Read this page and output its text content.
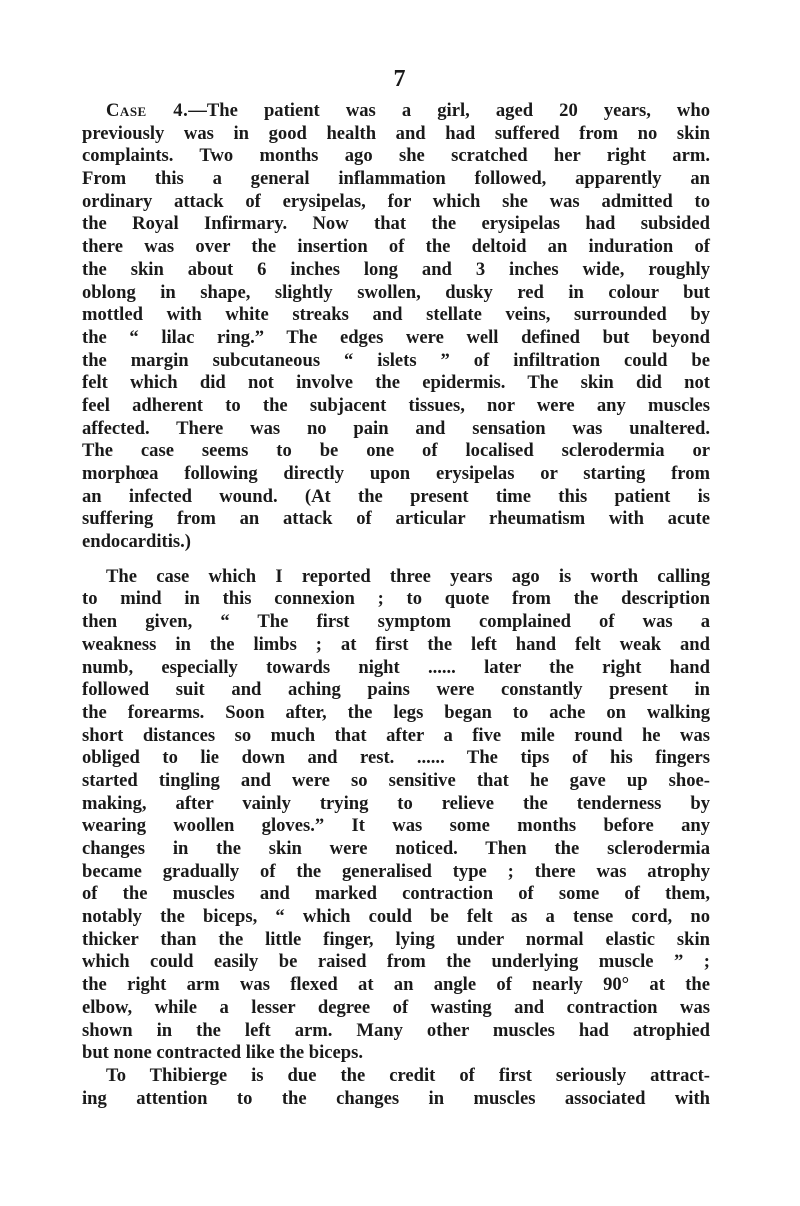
7
Case 4.—The patient was a girl, aged 20 years, who
previously was in good health and had suffered from no skin
complaints. Two months ago she scratched her right arm.
From this a general inflammation followed, apparently an
ordinary attack of erysipelas, for which she was admitted to
the Royal Infirmary. Now that the erysipelas had subsided
there was over the insertion of the deltoid an induration of
the skin about 6 inches long and 3 inches wide, roughly
oblong in shape, slightly swollen, dusky red in colour but
mottled with white streaks and stellate veins, surrounded by
the “ lilac ring.” The edges were well defined but beyond
the margin subcutaneous “ islets ” of infiltration could be
felt which did not involve the epidermis. The skin did not
feel adherent to the subjacent tissues, nor were any muscles
affected. There was no pain and sensation was unaltered.
The case seems to be one of localised sclerodermia or
morphœa following directly upon erysipelas or starting from
an infected wound. (At the present time this patient is
suffering from an attack of articular rheumatism with acute
endocarditis.)
The case which I reported three years ago is worth calling
to mind in this connexion ; to quote from the description
then given, “ The first symptom complained of was a
weakness in the limbs ; at first the left hand felt weak and
numb, especially towards night ...... later the right hand
followed suit and aching pains were constantly present in
the forearms. Soon after, the legs began to ache on walking
short distances so much that after a five mile round he was
obliged to lie down and rest. ...... The tips of his fingers
started tingling and were so sensitive that he gave up shoe-
making, after vainly trying to relieve the tenderness by
wearing woollen gloves.” It was some months before any
changes in the skin were noticed. Then the sclerodermia
became gradually of the generalised type ; there was atrophy
of the muscles and marked contraction of some of them,
notably the biceps, “ which could be felt as a tense cord, no
thicker than the little finger, lying under normal elastic skin
which could easily be raised from the underlying muscle ” ;
the right arm was flexed at an angle of nearly 90° at the
elbow, while a lesser degree of wasting and contraction was
shown in the left arm. Many other muscles had atrophied
but none contracted like the biceps.
To Thibierge is due the credit of first seriously attract-
ing attention to the changes in muscles associated with
